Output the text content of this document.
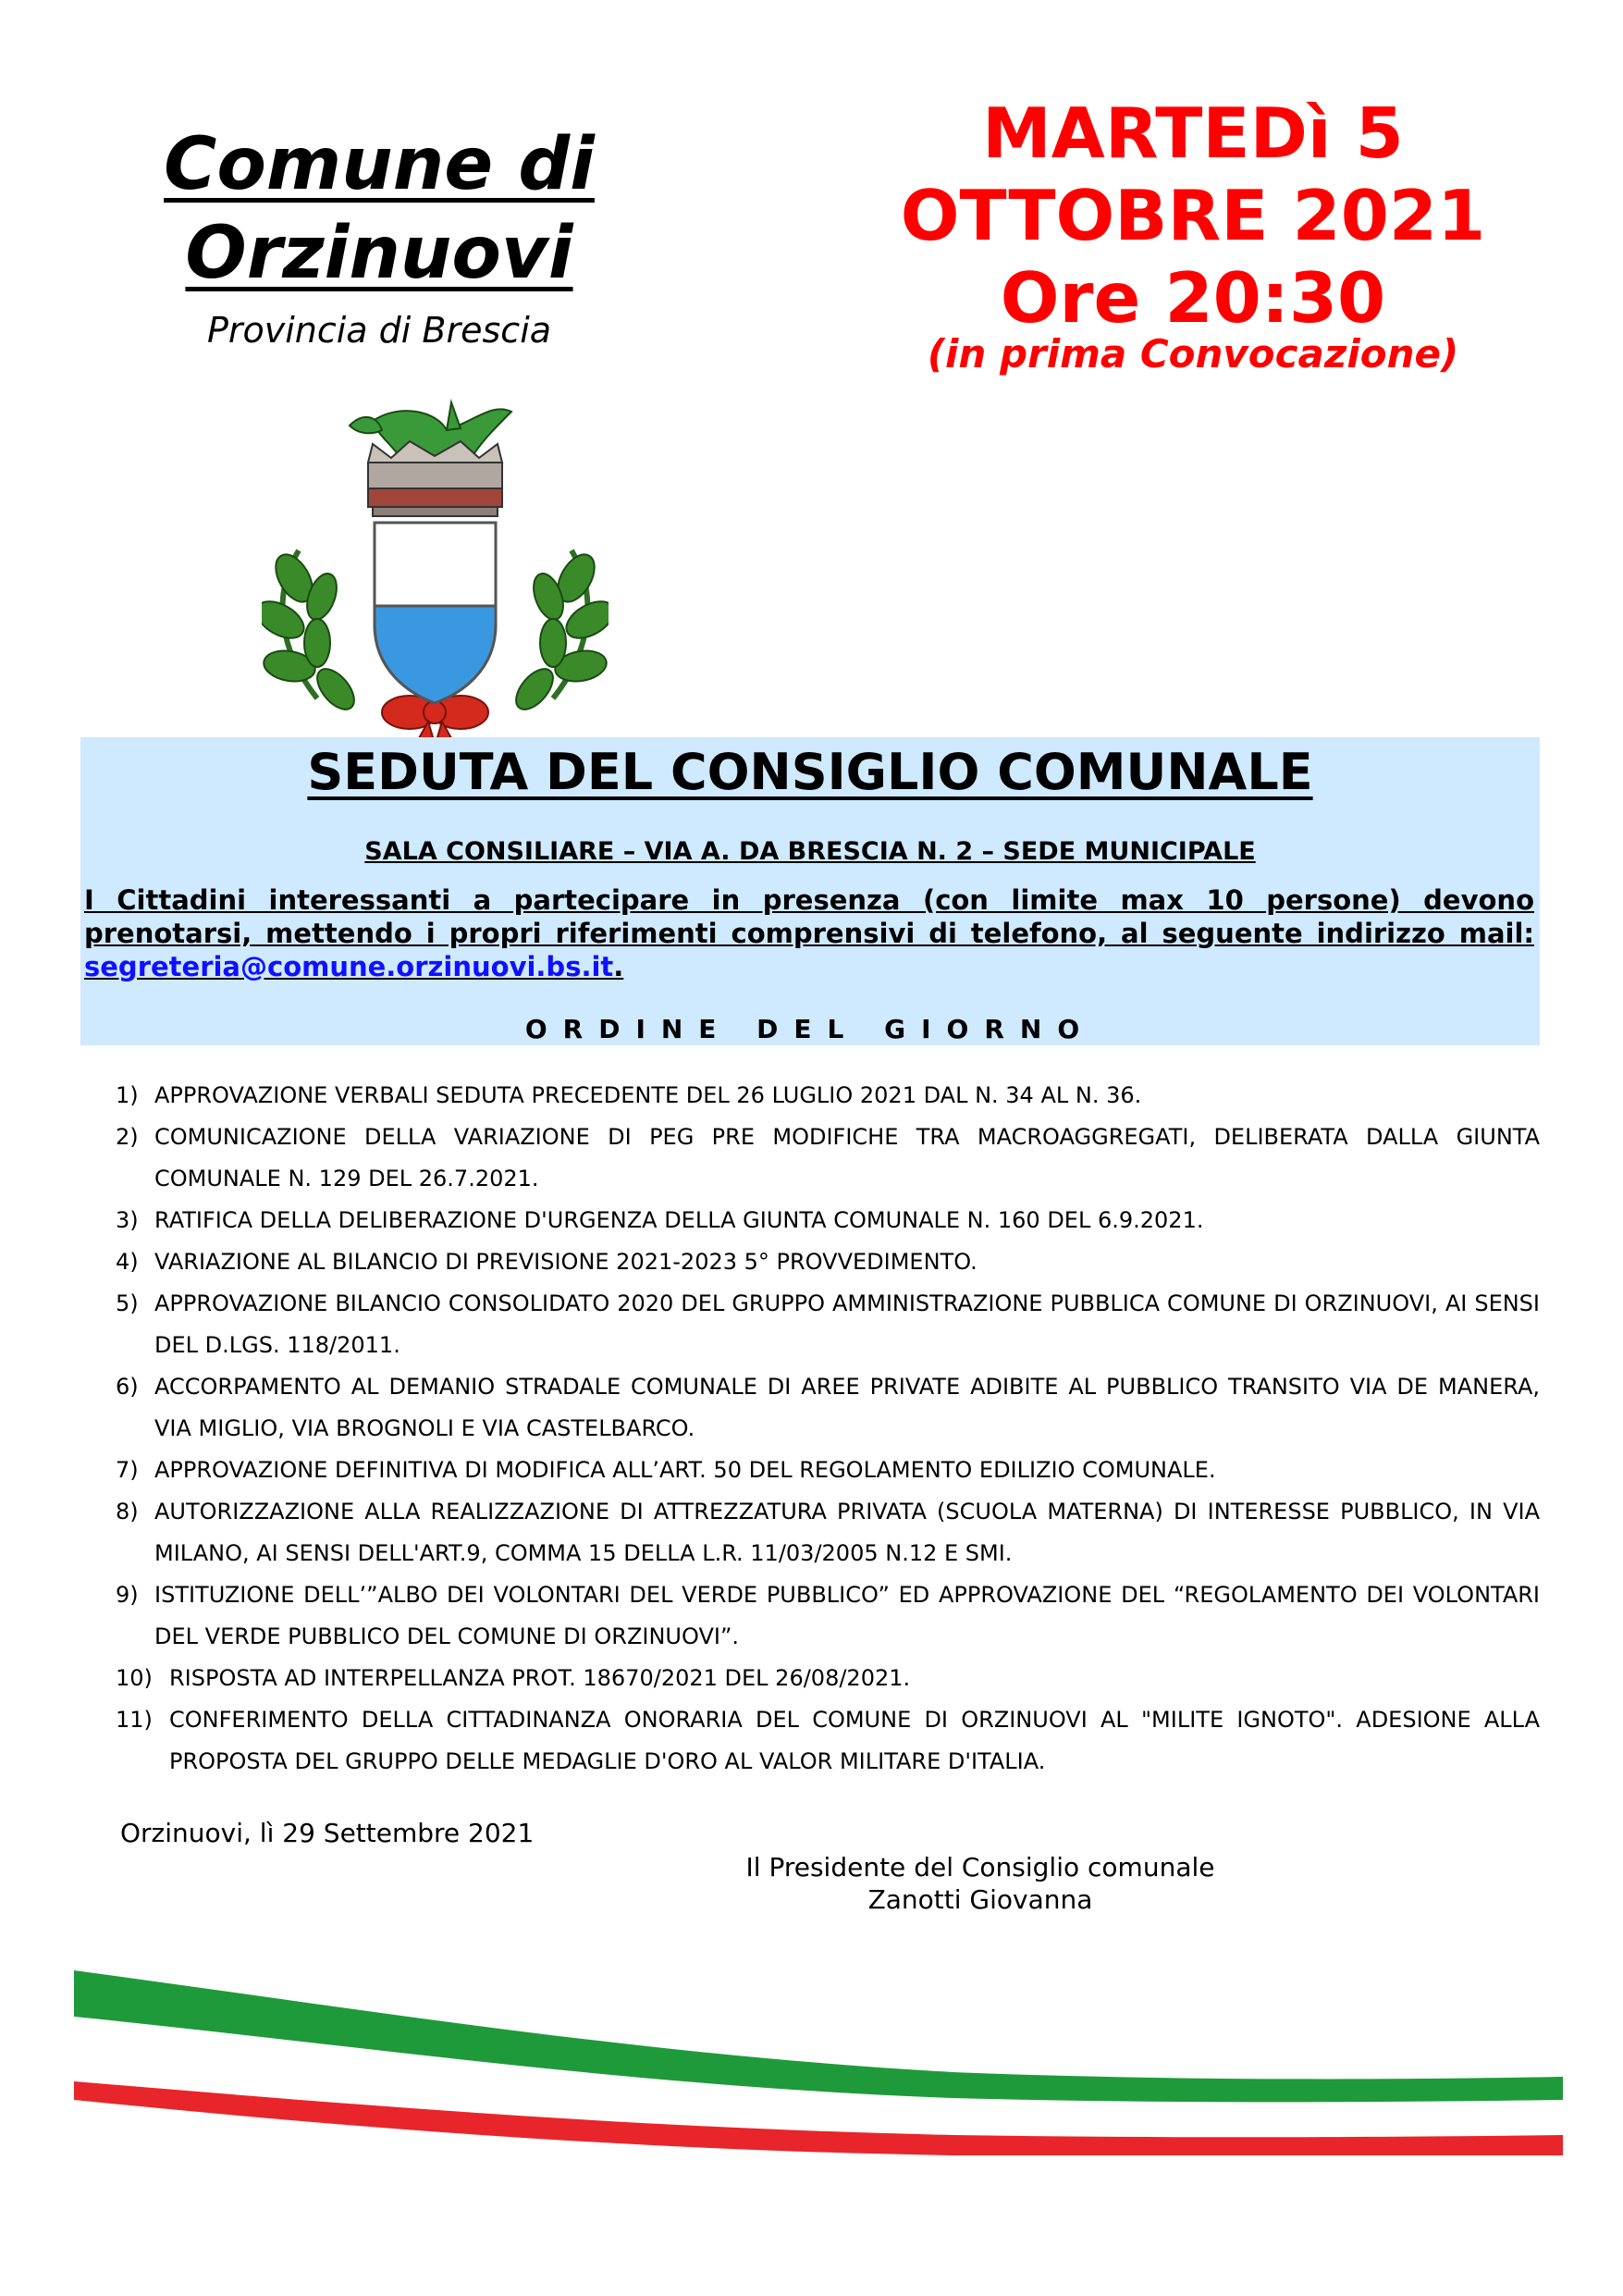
Comune di
Orzinuovi
Provincia di Brescia
MARTEDì 5
OTTOBRE 2021
Ore 20:30
(in prima Convocazione)
SEDUTA DEL CONSIGLIO COMUNALE
SALA CONSILIARE – VIA A. DA BRESCIA N. 2 – SEDE MUNICIPALE
I Cittadini interessanti a partecipare in presenza (con limite max 10 persone) devono prenotarsi, mettendo i propri riferimenti comprensivi di telefono, al seguente indirizzo mail: segreteria@comune.orzinuovi.bs.it.
ORDINE DEL GIORNO
1) APPROVAZIONE VERBALI SEDUTA PRECEDENTE DEL 26 LUGLIO 2021 DAL N. 34 AL N. 36.
2) COMUNICAZIONE DELLA VARIAZIONE DI PEG PRE MODIFICHE TRA MACROAGGREGATI, DELIBERATA DALLA GIUNTA COMUNALE N. 129 DEL 26.7.2021.
3) RATIFICA DELLA DELIBERAZIONE D'URGENZA DELLA GIUNTA COMUNALE N. 160 DEL 6.9.2021.
4) VARIAZIONE AL BILANCIO DI PREVISIONE 2021-2023 5° PROVVEDIMENTO.
5) APPROVAZIONE BILANCIO CONSOLIDATO 2020 DEL GRUPPO AMMINISTRAZIONE PUBBLICA COMUNE DI ORZINUOVI, AI SENSI DEL D.LGS. 118/2011.
6) ACCORPAMENTO AL DEMANIO STRADALE COMUNALE DI AREE PRIVATE ADIBITE AL PUBBLICO TRANSITO VIA DE MANERA, VIA MIGLIO, VIA BROGNOLI E VIA CASTELBARCO.
7) APPROVAZIONE DEFINITIVA DI MODIFICA ALL’ART. 50 DEL REGOLAMENTO EDILIZIO COMUNALE.
8) AUTORIZZAZIONE ALLA REALIZZAZIONE DI ATTREZZATURA PRIVATA (SCUOLA MATERNA) DI INTERESSE PUBBLICO, IN VIA MILANO, AI SENSI DELL'ART.9, COMMA 15 DELLA L.R. 11/03/2005 N.12 E SMI.
9) ISTITUZIONE DELL’”ALBO DEI VOLONTARI DEL VERDE PUBBLICO” ED APPROVAZIONE DEL “REGOLAMENTO DEI VOLONTARI DEL VERDE PUBBLICO DEL COMUNE DI ORZINUOVI”.
10) RISPOSTA AD INTERPELLANZA PROT. 18670/2021 DEL 26/08/2021.
11) CONFERIMENTO DELLA CITTADINANZA ONORARIA DEL COMUNE DI ORZINUOVI AL "MILITE IGNOTO". ADESIONE ALLA PROPOSTA DEL GRUPPO DELLE MEDAGLIE D'ORO AL VALOR MILITARE D'ITALIA.
Orzinuovi, lì 29 Settembre 2021
Il Presidente del Consiglio comunale
Zanotti Giovanna
